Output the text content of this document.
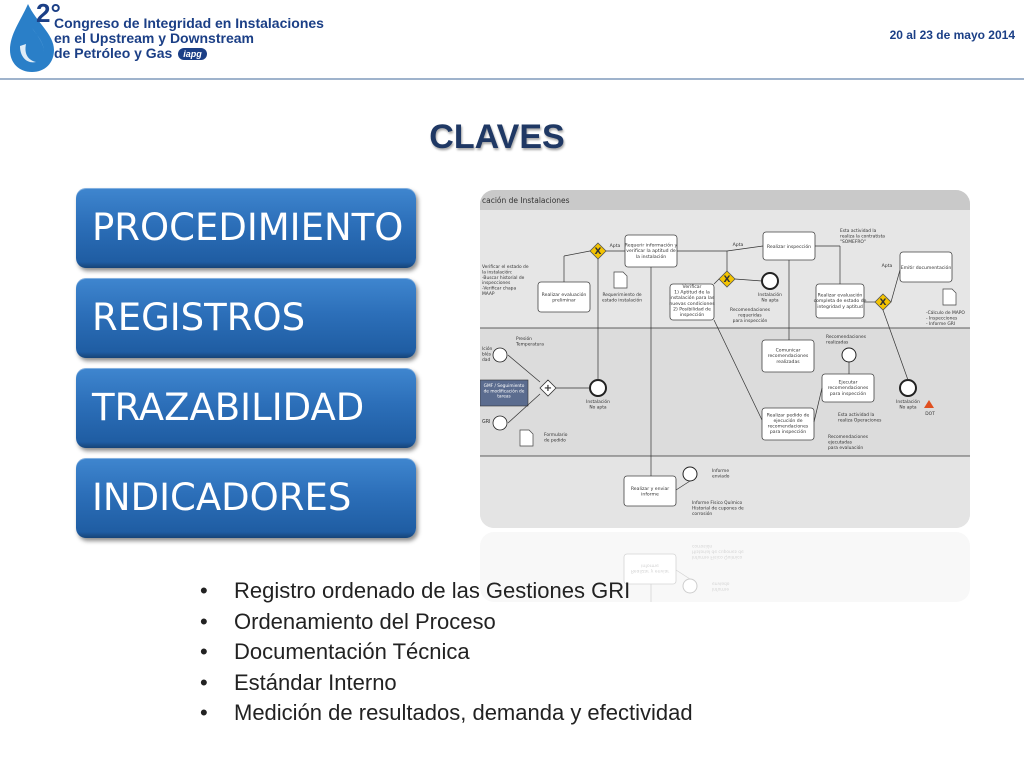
2°
Congreso de Integridad en Instalaciones
en el Upstream y Downstream
de Petróleo y Gas iapg
20 al 23 de mayo 2014
CLAVES
PROCEDIMIENTO
REGISTROS
TRAZABILIDAD
INDICADORES
cación de Instalaciones
Verificar el estado de la instalación: -Buscar historial de inspecciones -Verificar chapa MAAP	Realizar evaluación preliminar
X
Apta Requerir información y verificar la aptitud de la instalación
Requerimiento de estado instalación
Verificar 1) Aptitud de la instalación para las nuevas condiciones 2) Posibilidad de inspección
X
Apta
Instalación No apta
Realizar inspección
Esta actividad la realiza la contratista "SOMEFRO"
Realizar evaluación completa de estado de integridad y aptitud	X
Apta Emitir documentación
-Cálculo de MAPO - Inspecciones - Informe GRI
Recomendaciones requeridas para inspección
lción blés dad
Presión Temperatura
GMF / Seguimiento de modificación de tareas
GRI
+
Formulario de pedido
Instalación No apta
Comunicar recomendaciones realizadas
Recomendaciones realizadas
Ejecutar recomendaciones para inspección
Realizar pedido de ejecución de recomendaciones para inspección
Esta actividad la realiza Operaciones
Recomendaciones ejecutadas para evaluación
Instalación No apta
DOT
Realizar y enviar informe
Informe enviado
Informe Físico Químico Historial de cupones de corrosión
Realizar y enviarinforme
Informeenviado
Informe Físico QuímicoHistorial de cupones decorrosión
• Registro ordenado de las Gestiones GRI
• Ordenamiento del Proceso
• Documentación Técnica
• Estándar Interno
• Medición de resultados, demanda y efectividad
